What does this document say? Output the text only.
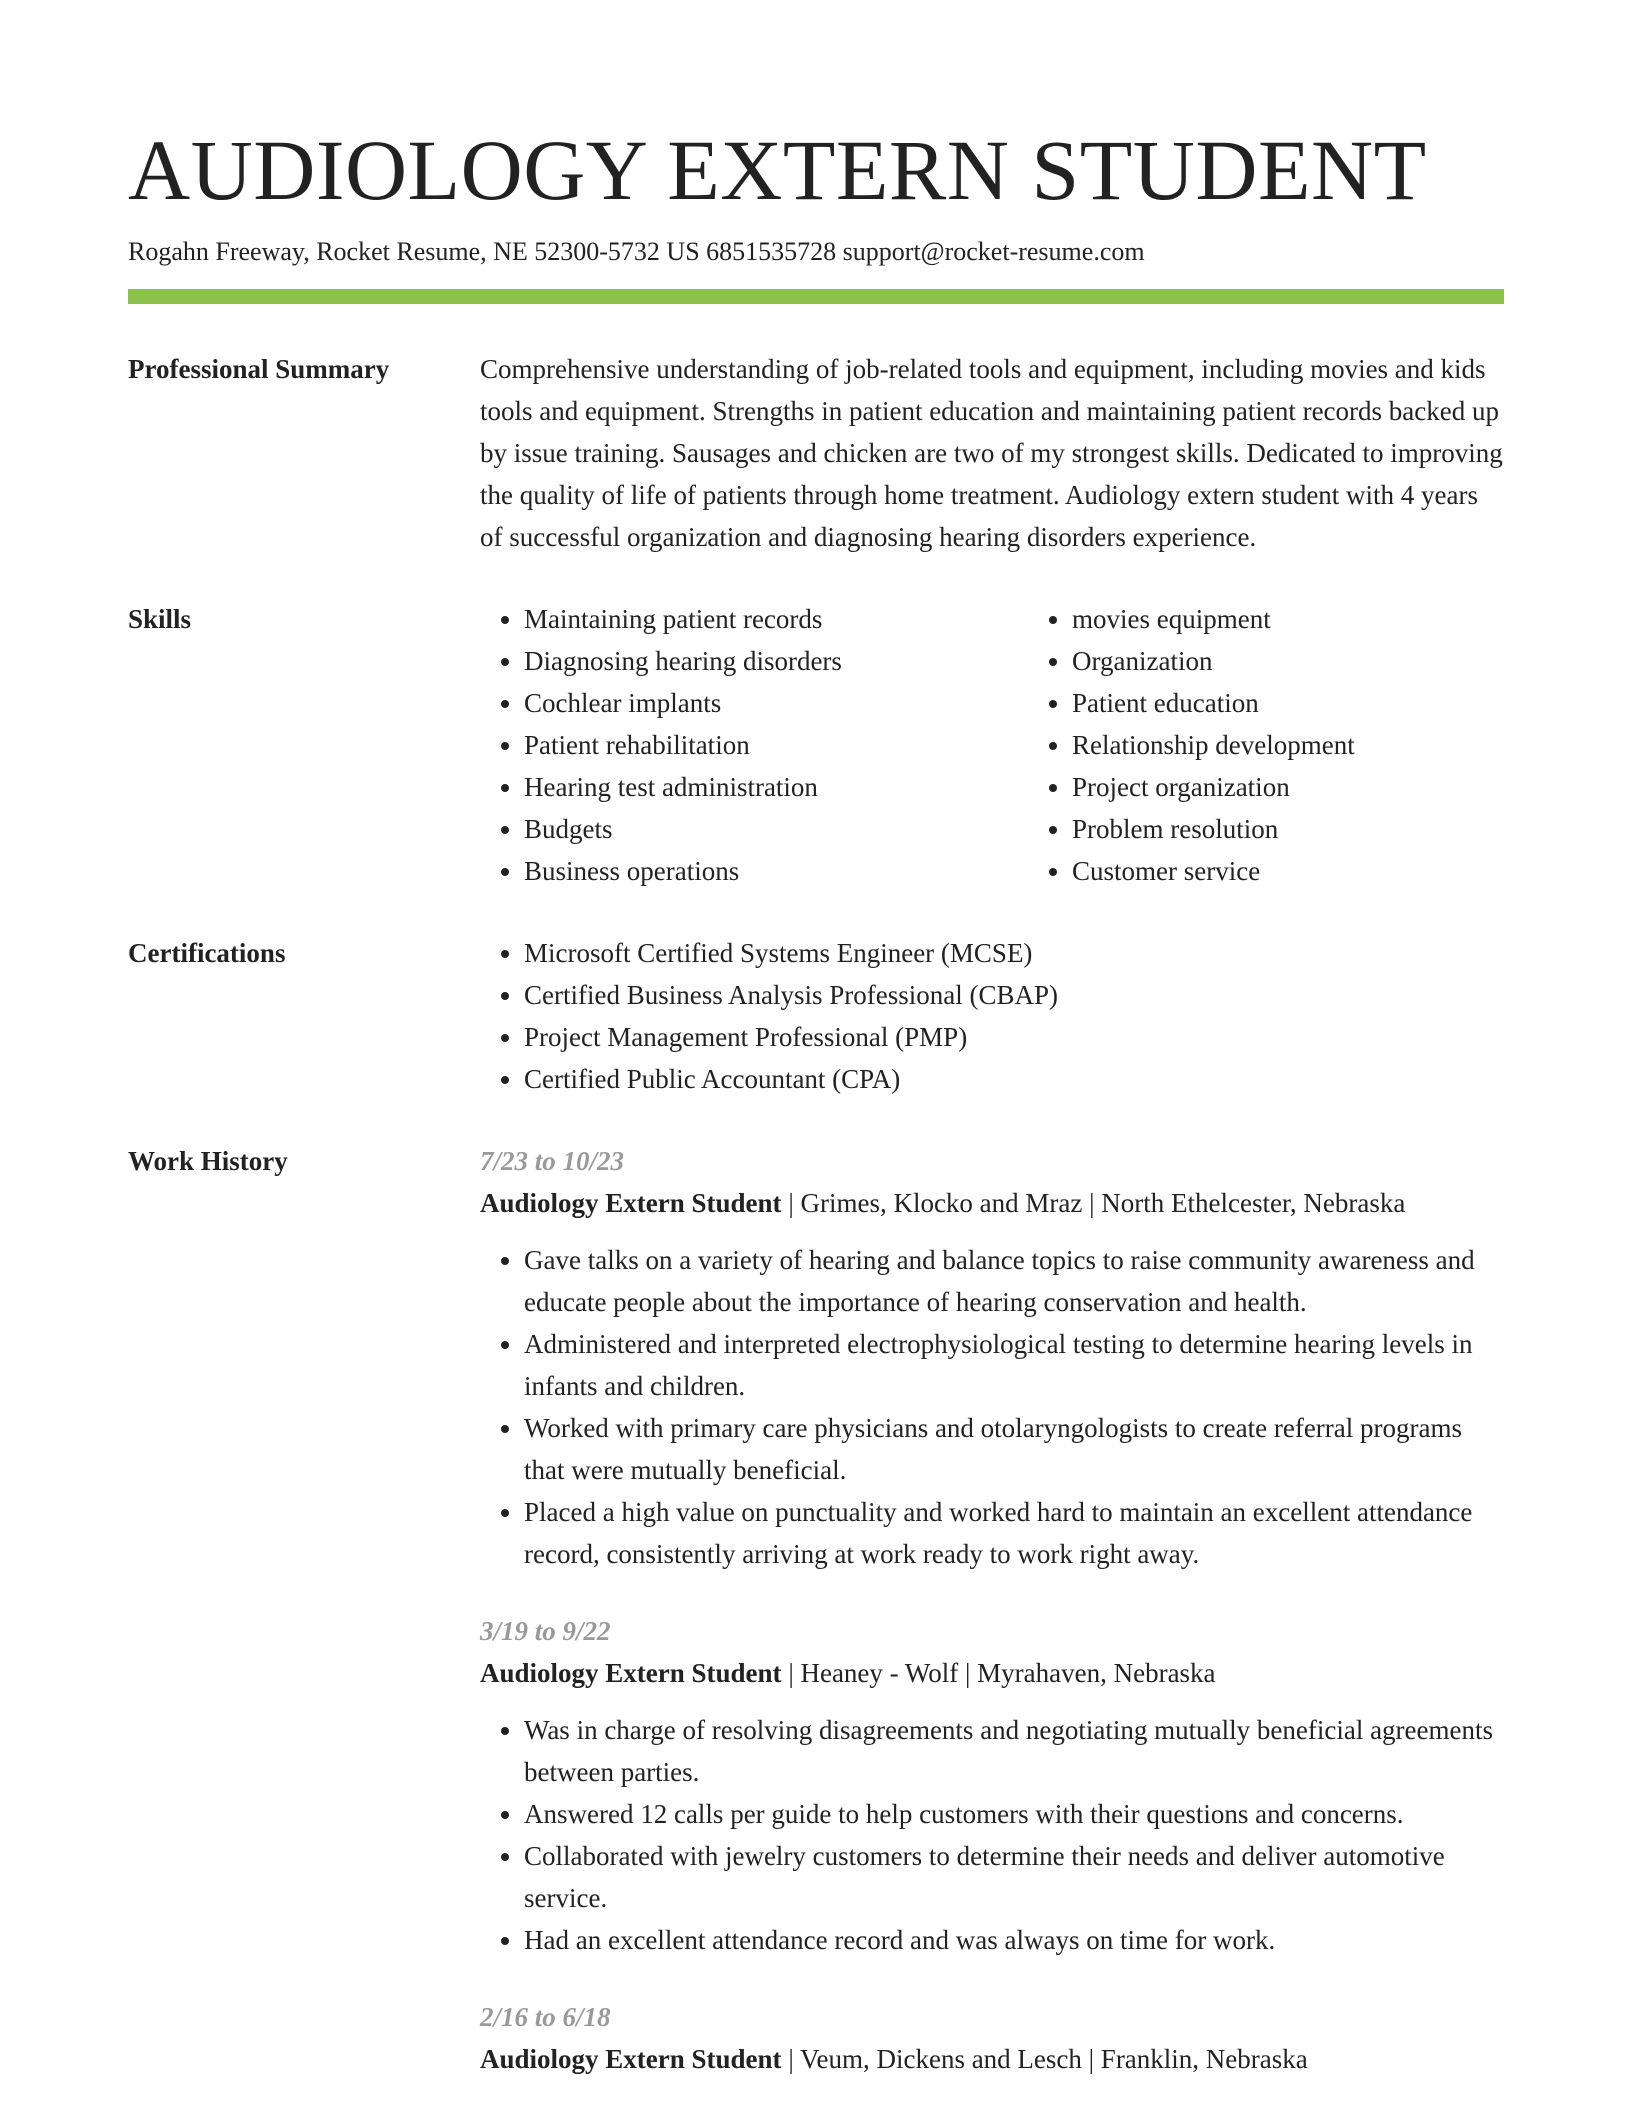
AUDIOLOGY EXTERN STUDENT
Rogahn Freeway, Rocket Resume, NE 52300-5732 US 6851535728 support@rocket-resume.com
Professional Summary	Comprehensive understanding of job-related tools and equipment, including movies and kids tools and equipment. Strengths in patient education and maintaining patient records backed up by issue training. Sausages and chicken are two of my strongest skills. Dedicated to improving the quality of life of patients through home treatment. Audiology extern student with 4 years of successful organization and diagnosing hearing disorders experience.

Skills	• Maintaining patient records
• Diagnosing hearing disorders
• Cochlear implants
• Patient rehabilitation
• Hearing test administration
• Budgets
• Business operations
• movies equipment
• Organization
• Patient education
• Relationship development
• Project organization
• Problem resolution
• Customer service
Certifications	• Microsoft Certified Systems Engineer (MCSE)
• Certified Business Analysis Professional (CBAP)
• Project Management Professional (PMP)
• Certified Public Accountant (CPA)
Work History	7/23 to 10/23
Audiology Extern Student | Grimes, Klocko and Mraz | North Ethelcester, Nebraska
• Gave talks on a variety of hearing and balance topics to raise community awareness and educate people about the importance of hearing conservation and health.
• Administered and interpreted electrophysiological testing to determine hearing levels in infants and children.
• Worked with primary care physicians and otolaryngologists to create referral programs that were mutually beneficial.
• Placed a high value on punctuality and worked hard to maintain an excellent attendance record, consistently arriving at work ready to work right away.
3/19 to 9/22
Audiology Extern Student | Heaney - Wolf | Myrahaven, Nebraska
• Was in charge of resolving disagreements and negotiating mutually beneficial agreements between parties.
• Answered 12 calls per guide to help customers with their questions and concerns.
• Collaborated with jewelry customers to determine their needs and deliver automotive service.
• Had an excellent attendance record and was always on time for work.
2/16 to 6/18
Audiology Extern Student | Veum, Dickens and Lesch | Franklin, Nebraska
